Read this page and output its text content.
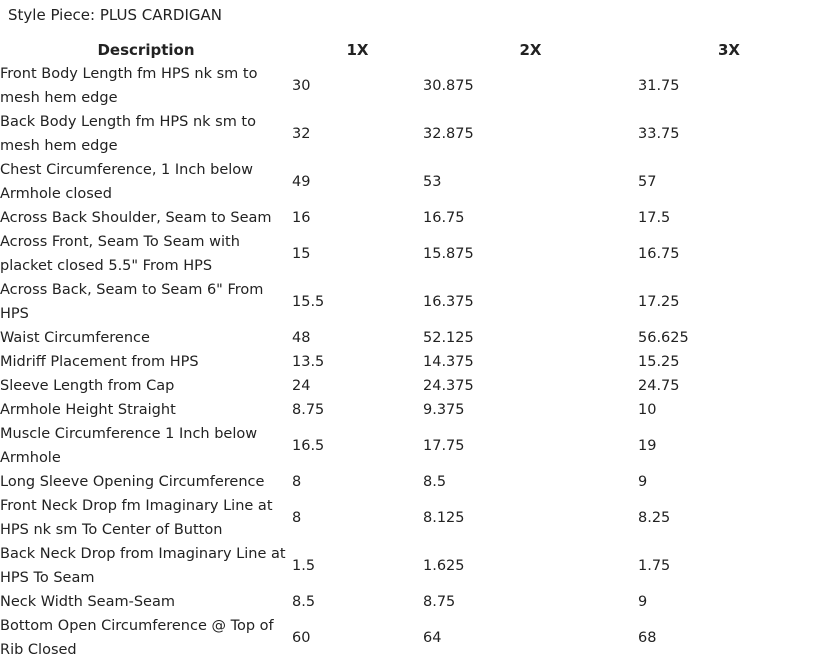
Style Piece: PLUS CARDIGAN
Description	1X	2X	3X
Front Body Length fm HPS nk sm to mesh hem edge	30	30.875	31.75
Back Body Length fm HPS nk sm to mesh hem edge	32	32.875	33.75
Chest Circumference, 1 Inch below Armhole closed	49	53	57
Across Back Shoulder, Seam to Seam	16	16.75	17.5
Across Front, Seam To Seam with placket closed 5.5" From HPS	15	15.875	16.75
Across Back, Seam to Seam 6" From HPS	15.5	16.375	17.25
Waist Circumference	48	52.125	56.625
Midriff Placement from HPS	13.5	14.375	15.25
Sleeve Length from Cap	24	24.375	24.75
Armhole Height Straight	8.75	9.375	10
Muscle Circumference 1 Inch below Armhole	16.5	17.75	19
Long Sleeve Opening Circumference	8	8.5	9
Front Neck Drop fm Imaginary Line at HPS nk sm To Center of Button	8	8.125	8.25
Back Neck Drop from Imaginary Line at HPS To Seam	1.5	1.625	1.75
Neck Width Seam-Seam	8.5	8.75	9
Bottom Open Circumference @ Top of Rib Closed	60	64	68
